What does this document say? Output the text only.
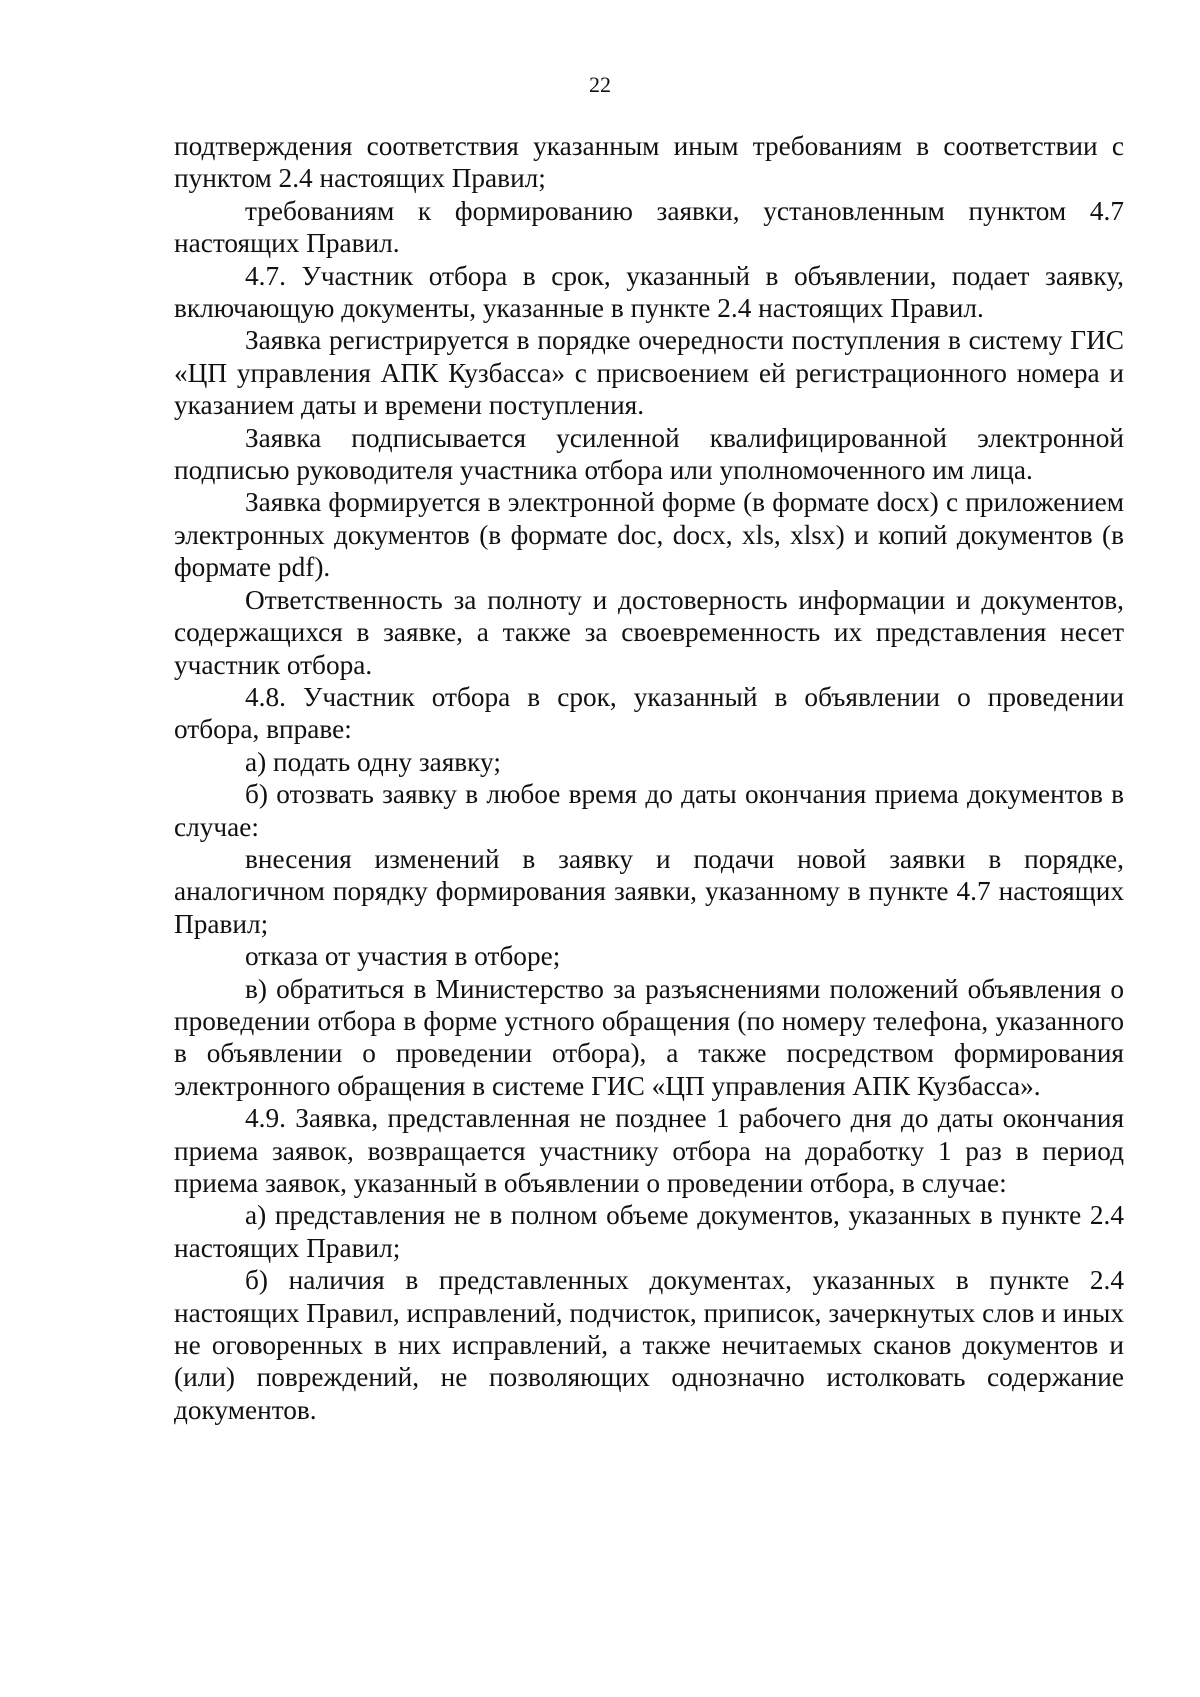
22

подтверждения соответствия указанным иным требованиям в соответствии с пунктом 2.4 настоящих Правил;

требованиям к формированию заявки, установленным пунктом 4.7 настоящих Правил.

4.7. Участник отбора в срок, указанный в объявлении, подает заявку, включающую документы, указанные в пункте 2.4 настоящих Правил.

Заявка регистрируется в порядке очередности поступления в систему ГИС «ЦП управления АПК Кузбасса» с присвоением ей регистрационного номера и указанием даты и времени поступления.

Заявка подписывается усиленной квалифицированной электронной подписью руководителя участника отбора или уполномоченного им лица.

Заявка формируется в электронной форме (в формате docx) с приложением электронных документов (в формате doc, docx, xls, xlsx) и копий документов (в формате pdf).

Ответственность за полноту и достоверность информации и документов, содержащихся в заявке, а также за своевременность их представления несет участник отбора.

4.8. Участник отбора в срок, указанный в объявлении о проведении отбора, вправе:

а) подать одну заявку;

б) отозвать заявку в любое время до даты окончания приема документов в случае:

внесения изменений в заявку и подачи новой заявки в порядке, аналогичном порядку формирования заявки, указанному в пункте 4.7 настоящих Правил;

отказа от участия в отборе;

в) обратиться в Министерство за разъяснениями положений объявления о проведении отбора в форме устного обращения (по номеру телефона, указанного в объявлении о проведении отбора), а также посредством формирования электронного обращения в системе ГИС «ЦП управления АПК Кузбасса».

4.9. Заявка, представленная не позднее 1 рабочего дня до даты окончания приема заявок, возвращается участнику отбора на доработку 1 раз в период приема заявок, указанный в объявлении о проведении отбора, в случае:

а) представления не в полном объеме документов, указанных в пункте 2.4 настоящих Правил;

б) наличия в представленных документах, указанных в пункте 2.4 настоящих Правил, исправлений, подчисток, приписок, зачеркнутых слов и иных не оговоренных в них исправлений, а также нечитаемых сканов документов и (или) повреждений, не позволяющих однозначно истолковать содержание документов.
